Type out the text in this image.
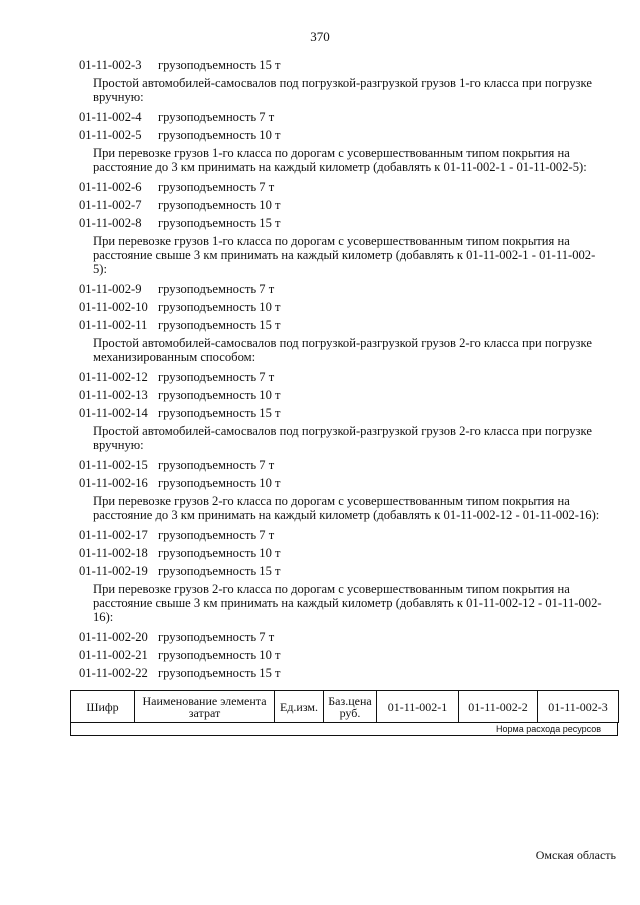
370
01-11-002-3 грузоподъемность 15 т
Простой автомобилей-самосвалов под погрузкой-разгрузкой грузов 1-го класса при погрузке вручную:
01-11-002-4 грузоподъемность 7 т
01-11-002-5 грузоподъемность 10 т
При перевозке грузов 1-го класса по дорогам с усовершествованным типом покрытия на расстояние до 3 км принимать на каждый километр (добавлять к 01-11-002-1 - 01-11-002-5):
01-11-002-6 грузоподъемность 7 т
01-11-002-7 грузоподъемность 10 т
01-11-002-8 грузоподъемность 15 т
При перевозке грузов 1-го класса по дорогам с усовершествованным типом покрытия на расстояние свыше 3 км принимать на каждый километр (добавлять к 01-11-002-1 - 01-11-002-5):
01-11-002-9 грузоподъемность 7 т
01-11-002-10 грузоподъемность 10 т
01-11-002-11 грузоподъемность 15 т
Простой автомобилей-самосвалов под погрузкой-разгрузкой грузов 2-го класса при погрузке механизированным способом:
01-11-002-12 грузоподъемность 7 т
01-11-002-13 грузоподъемность 10 т
01-11-002-14 грузоподъемность 15 т
Простой автомобилей-самосвалов под погрузкой-разгрузкой грузов 2-го класса при погрузке вручную:
01-11-002-15 грузоподъемность 7 т
01-11-002-16 грузоподъемность 10 т
При перевозке грузов 2-го класса по дорогам с усовершествованным типом покрытия на расстояние до 3 км принимать на каждый километр (добавлять к 01-11-002-12 - 01-11-002-16):
01-11-002-17 грузоподъемность 7 т
01-11-002-18 грузоподъемность 10 т
01-11-002-19 грузоподъемность 15 т
При перевозке грузов 2-го класса по дорогам с усовершествованным типом покрытия на расстояние свыше 3 км принимать на каждый километр (добавлять к 01-11-002-12 - 01-11-002-16):
01-11-002-20 грузоподъемность 7 т
01-11-002-21 грузоподъемность 10 т
01-11-002-22 грузоподъемность 15 т
Шифр	Наименование элемента затрат	Ед.изм.	Баз.цена руб.	01-11-002-1	01-11-002-2	01-11-002-3
Норма расхода ресурсов
Омская область
